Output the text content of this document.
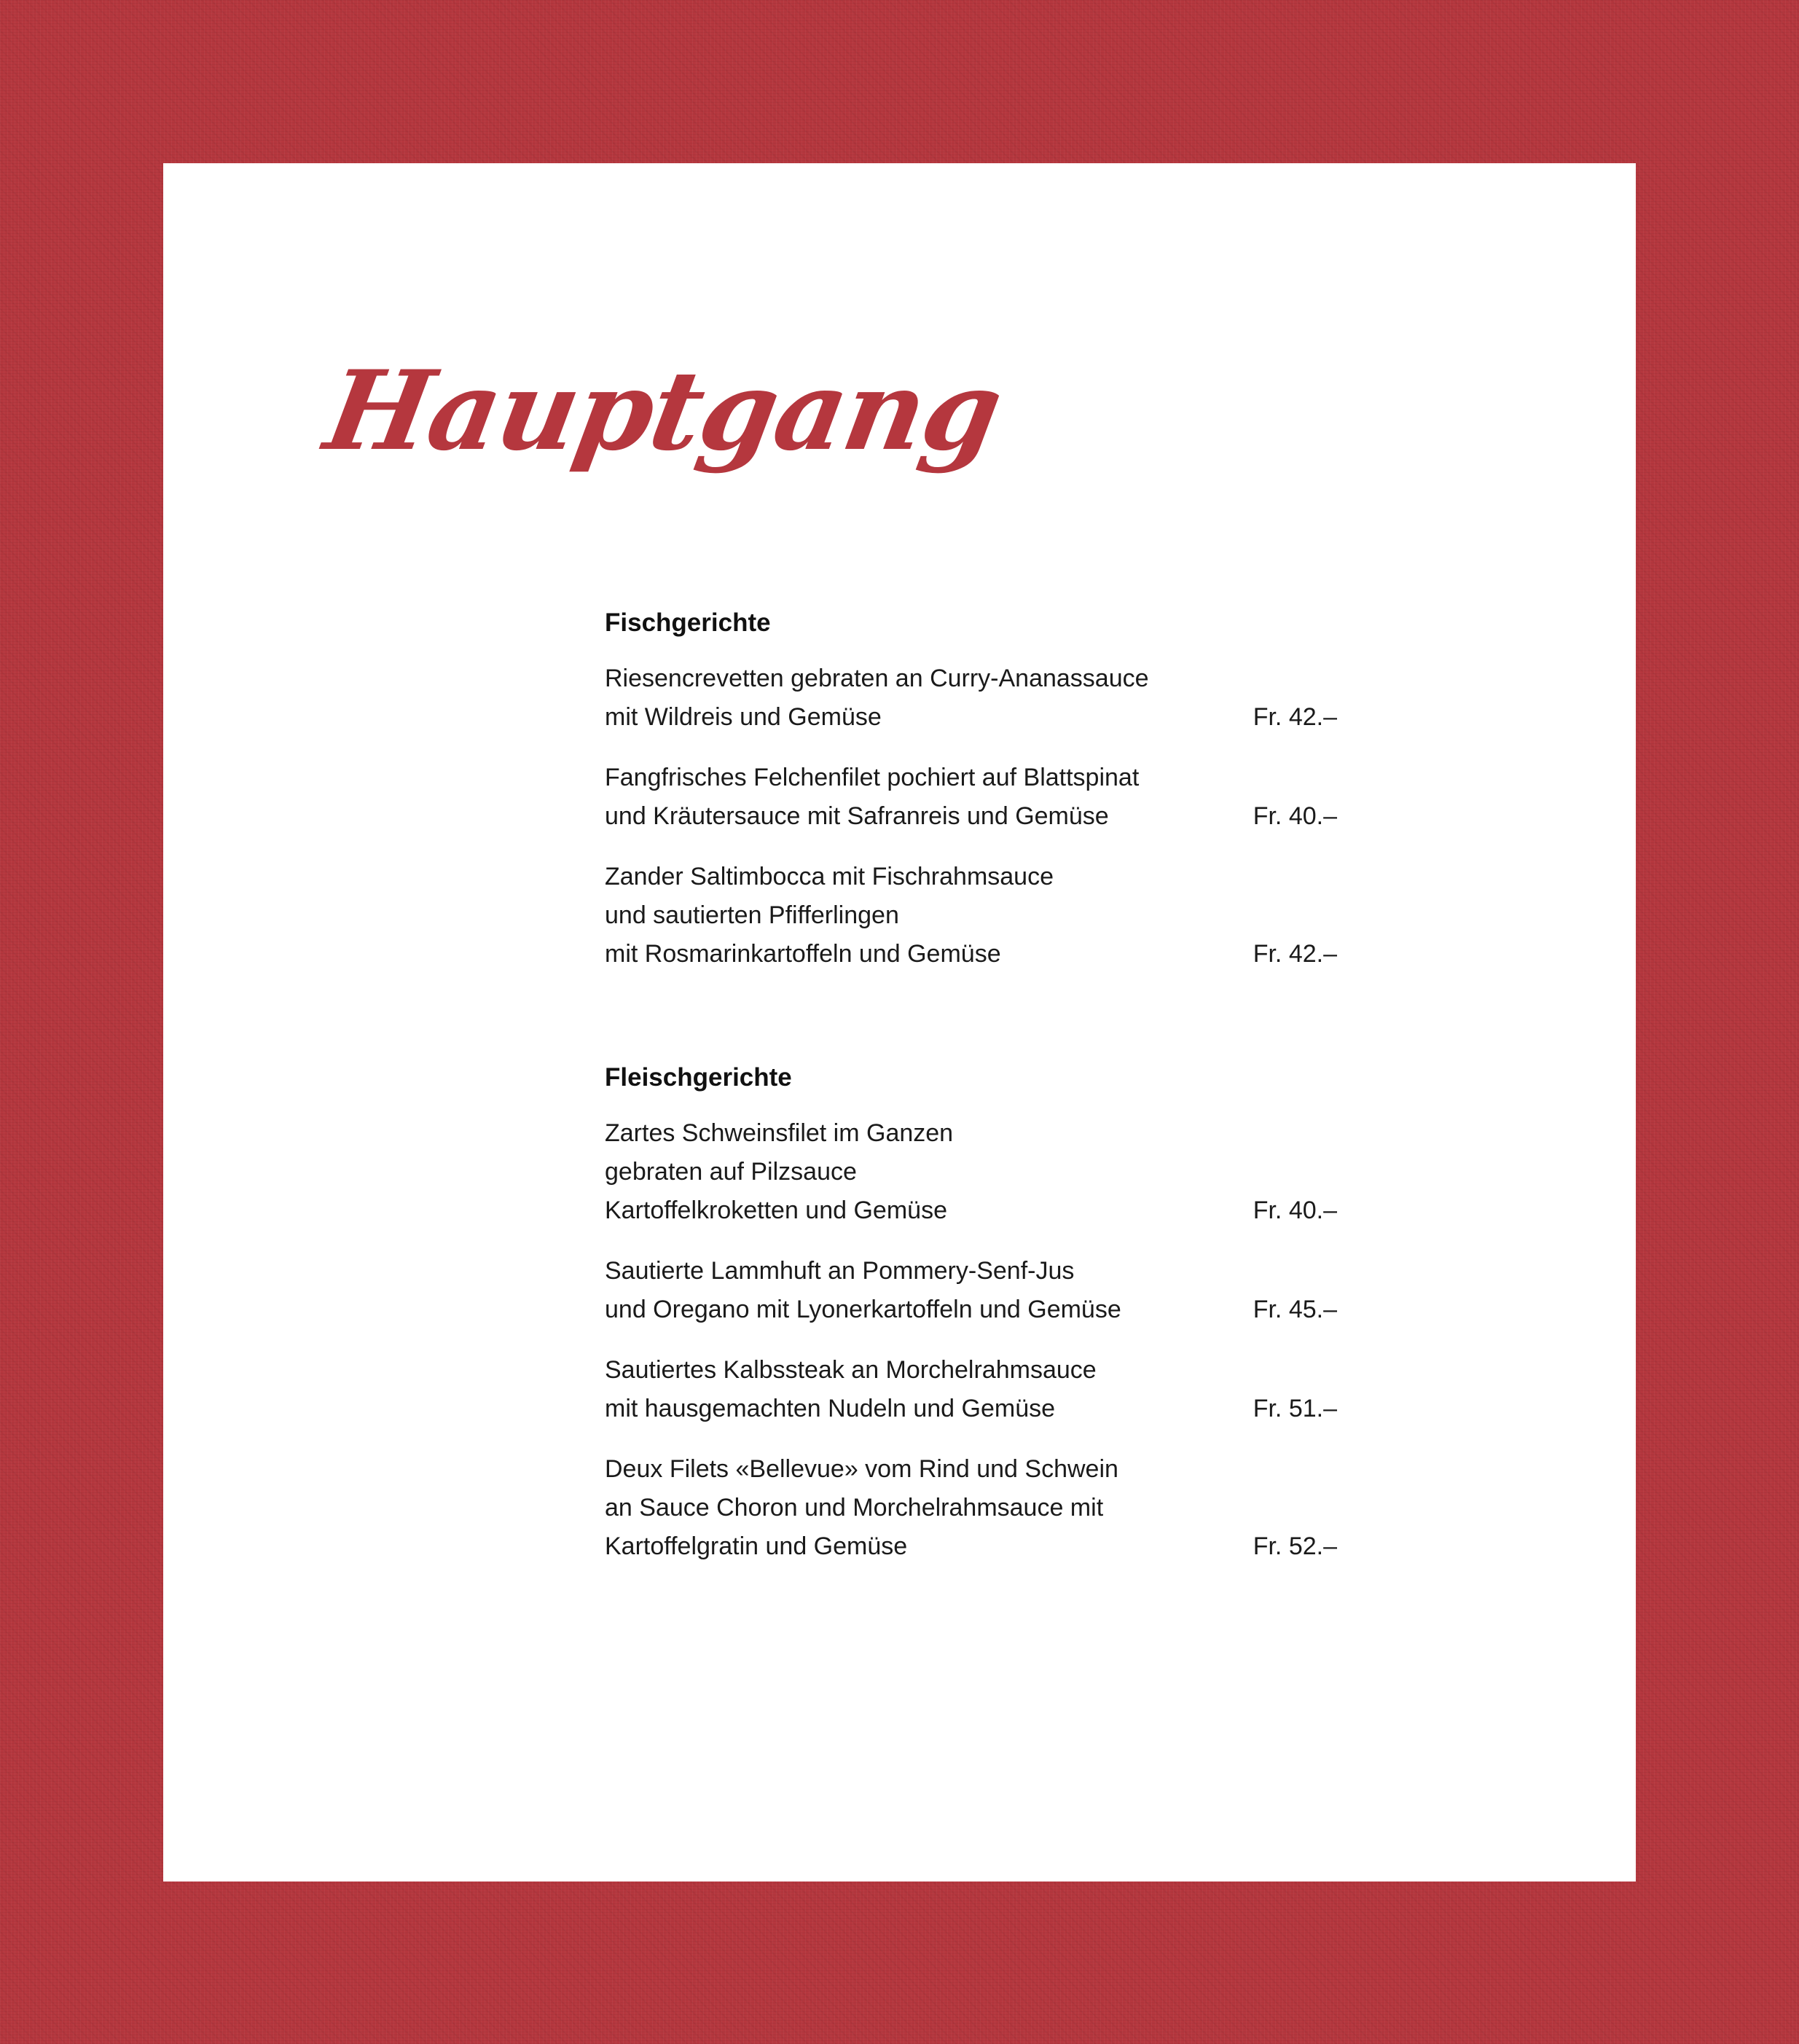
Hauptgang
Fischgerichte
Riesencrevetten gebraten an Curry-Ananassauce
mit Wildreis und Gemüse	Fr. 42.–
Fangfrisches Felchenfilet pochiert auf Blattspinat
und Kräutersauce mit Safranreis und Gemüse	Fr. 40.–
Zander Saltimbocca mit Fischrahmsauce
und sautierten Pfifferlingen
mit Rosmarinkartoffeln und Gemüse	Fr. 42.–
Fleischgerichte
Zartes Schweinsfilet im Ganzen
gebraten auf Pilzsauce
Kartoffelkroketten und Gemüse	Fr. 40.–
Sautierte Lammhuft an Pommery-Senf-Jus
und Oregano mit Lyonerkartoffeln und Gemüse	Fr. 45.–
Sautiertes Kalbssteak an Morchelrahmsauce
mit hausgemachten Nudeln und Gemüse	Fr. 51.–
Deux Filets «Bellevue» vom Rind und Schwein
an Sauce Choron und Morchelrahmsauce mit
Kartoffelgratin und Gemüse	Fr. 52.–
